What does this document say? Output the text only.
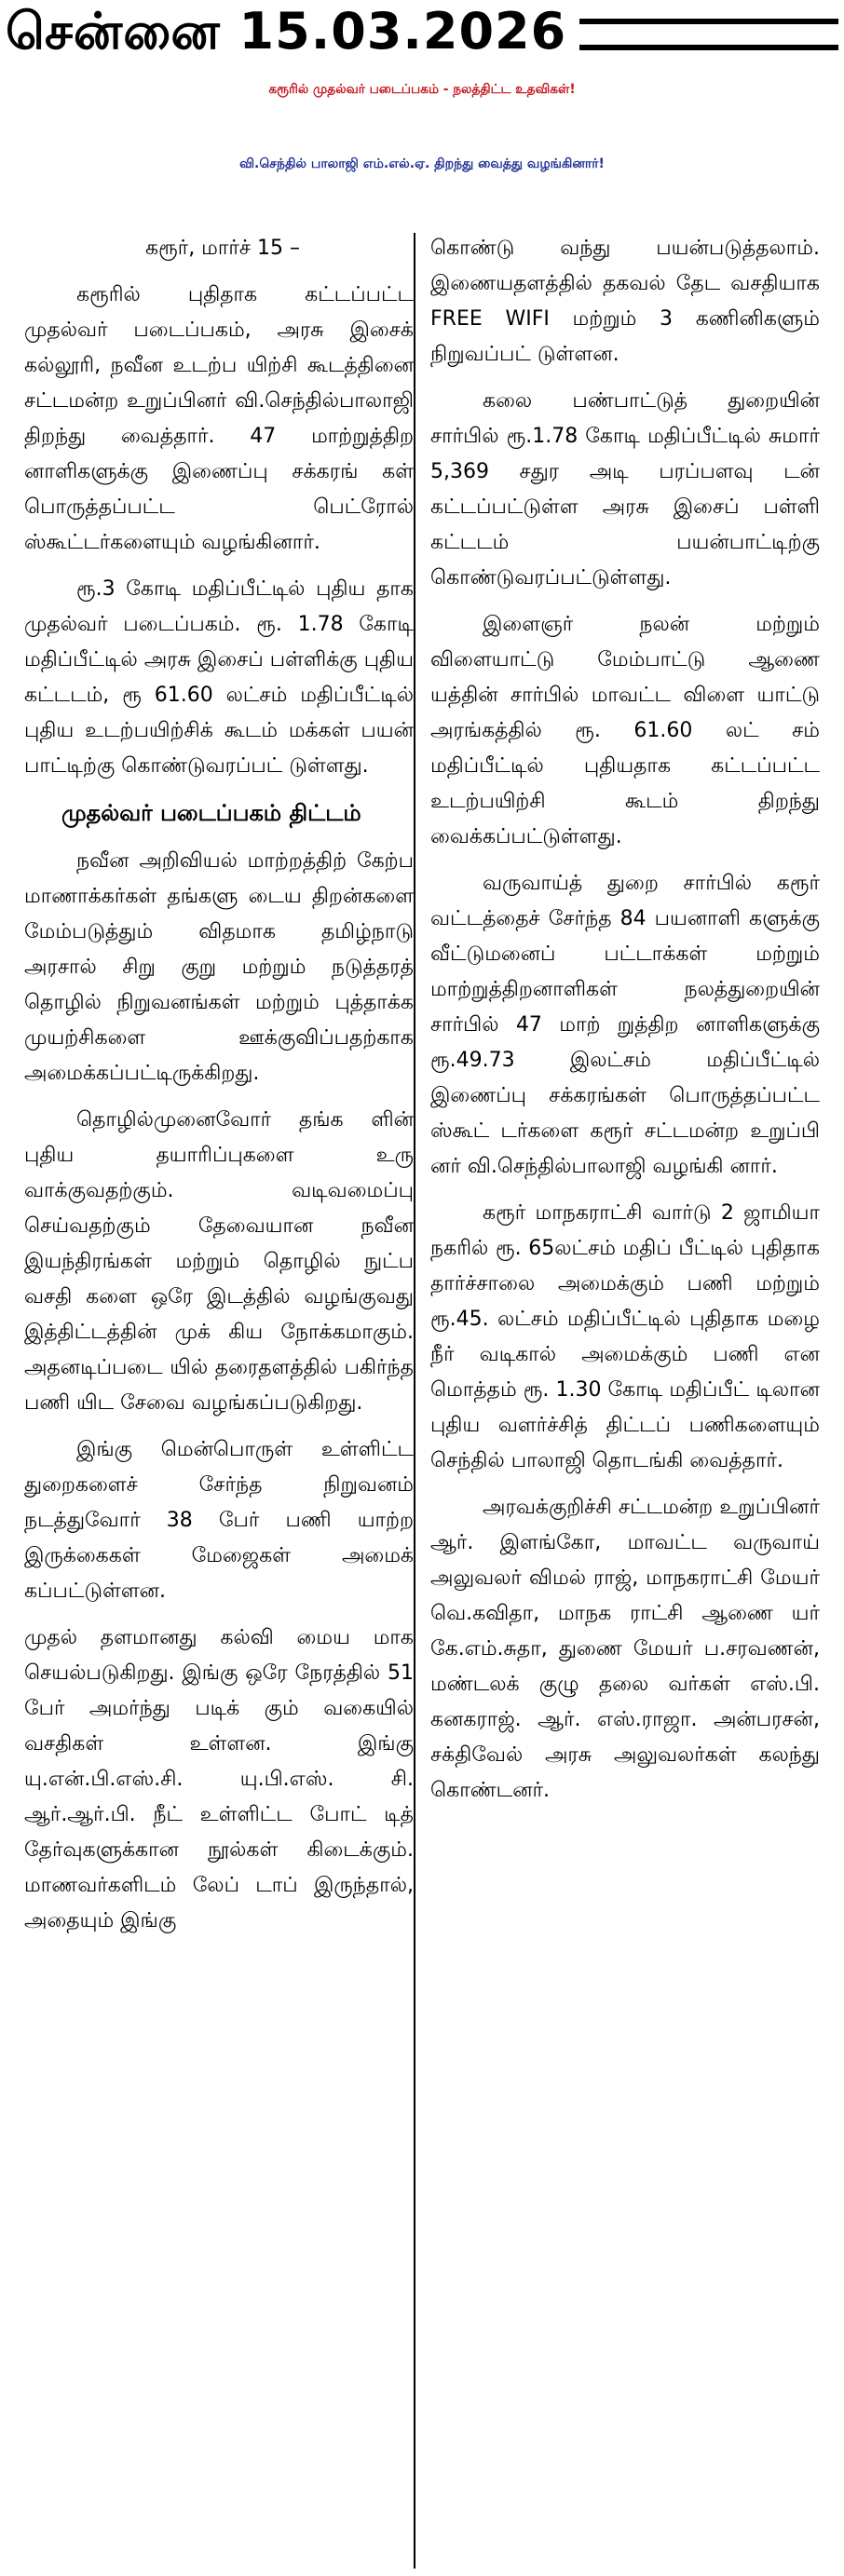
சென்னை 15.03.2026
கரூரில் முதல்வர் படைப்பகம் - நலத்திட்ட உதவிகள்!
வி.செந்தில் பாலாஜி எம்.எல்.ஏ. திறந்து வைத்து வழங்கினார்!

கரூர், மார்ச் 15 –

கரூரில் புதிதாக கட்டப்பட்ட முதல்வர் படைப்பகம், அரசு இசைக் கல்லூரி, நவீன உடற்ப யிற்சி கூடத்தினை சட்டமன்ற உறுப்பினர் வி.செந்தில்பாலாஜி திறந்து வைத்தார். 47 மாற்றுத்திற னாளிகளுக்கு இணைப்பு சக்கரங் கள் பொருத்தப்பட்ட பெட்ரோல் ஸ்கூட்டர்களையும் வழங்கினார்.

ரூ.3 கோடி மதிப்பீட்டில் புதிய தாக முதல்வர் படைப்பகம். ரூ. 1.78 கோடி மதிப்பீட்டில் அரசு இசைப் பள்ளிக்கு புதிய கட்டடம், ரூ 61.60 லட்சம் மதிப்பீட்டில் புதிய உடற்பயிற்சிக் கூடம் மக்கள் பயன் பாட்டிற்கு கொண்டுவரப்பட் டுள்ளது.

முதல்வர் படைப்பகம் திட்டம்

நவீன அறிவியல் மாற்றத்திற் கேற்ப மாணாக்கர்கள் தங்களு டைய திறன்களை மேம்படுத்தும் விதமாக தமிழ்நாடு அரசால் சிறு குறு மற்றும் நடுத்தரத் தொழில் நிறுவனங்கள் மற்றும் புத்தாக்க முயற்சிகளை ஊக்குவிப்பதற்காக அமைக்கப்பட்டிருக்கிறது.

தொழில்முனைவோர் தங்க ளின் புதிய தயாரிப்புகளை உரு வாக்குவதற்கும். வடிவமைப்பு செய்வதற்கும் தேவையான நவீன இயந்திரங்கள் மற்றும் தொழில் நுட்ப வசதி களை ஒரே இடத்தில் வழங்குவது இத்திட்டத்தின் முக் கிய நோக்கமாகும். அதனடிப்படை யில் தரைதளத்தில் பகிர்ந்த பணி யிட சேவை வழங்கப்படுகிறது.

இங்கு மென்பொருள் உள்ளிட்ட துறைகளைச் சேர்ந்த நிறுவனம் நடத்துவோர் 38 பேர் பணி யாற்ற இருக்கைகள் மேஜைகள் அமைக் கப்பட்டுள்ளன.

முதல் தளமானது கல்வி மைய மாக செயல்படுகிறது. இங்கு ஒரே நேரத்தில் 51 பேர் அமர்ந்து படிக் கும் வகையில் வசதிகள் உள்ளன. இங்கு யு.என்.பி.எஸ்.சி. யு.பி.எஸ். சி. ஆர்.ஆர்.பி. நீட் உள்ளிட்ட போட் டித் தேர்வுகளுக்கான நூல்கள் கிடைக்கும். மாணவர்களிடம் லேப் டாப் இருந்தால், அதையும் இங்கு

கொண்டு வந்து பயன்படுத்தலாம். இணையதளத்தில் தகவல் தேட வசதியாக FREE WIFI மற்றும் 3 கணினிகளும் நிறுவப்பட் டுள்ளன.

கலை பண்பாட்டுத் துறையின் சார்பில் ரூ.1.78 கோடி மதிப்பீட்டில் சுமார் 5,369 சதுர அடி பரப்பளவு டன் கட்டப்பட்டுள்ள அரசு இசைப் பள்ளி கட்டடம் பயன்பாட்டிற்கு கொண்டுவரப்பட்டுள்ளது.

இளைஞர் நலன் மற்றும் விளையாட்டு மேம்பாட்டு ஆணை யத்தின் சார்பில் மாவட்ட விளை யாட்டு அரங்கத்தில் ரூ. 61.60 லட் சம் மதிப்பீட்டில் புதியதாக கட்டப்பட்ட உடற்பயிற்சி கூடம் திறந்து வைக்கப்பட்டுள்ளது.

வருவாய்த் துறை சார்பில் கரூர் வட்டத்தைச் சேர்ந்த 84 பயனாளி களுக்கு வீட்டுமனைப் பட்டாக்கள் மற்றும் மாற்றுத்திறனாளிகள் நலத்துறையின் சார்பில் 47 மாற் றுத்திற னாளிகளுக்கு ரூ.49.73 இலட்சம் மதிப்பீட்டில் இணைப்பு சக்கரங்கள் பொருத்தப்பட்ட ஸ்கூட் டர்களை கரூர் சட்டமன்ற உறுப்பி னர் வி.செந்தில்பாலாஜி வழங்கி னார்.

கரூர் மாநகராட்சி வார்டு 2 ஜாமியா நகரில் ரூ. 65லட்சம் மதிப் பீட்டில் புதிதாக தார்ச்சாலை அமைக்கும் பணி மற்றும் ரூ.45. லட்சம் மதிப்பீட்டில் புதிதாக மழை நீர் வடிகால் அமைக்கும் பணி என மொத்தம் ரூ. 1.30 கோடி மதிப்பீட் டிலான புதிய வளர்ச்சித் திட்டப் பணிகளையும் செந்தில் பாலாஜி தொடங்கி வைத்தார்.

அரவக்குறிச்சி சட்டமன்ற உறுப்பினர் ஆர். இளங்கோ, மாவட்ட வருவாய் அலுவலர் விமல் ராஜ், மாநகராட்சி மேயர் வெ.கவிதா, மாநக ராட்சி ஆணை யர் கே.எம்.சுதா, துணை மேயர் ப.சரவணன், மண்டலக் குழு தலை வர்கள் எஸ்.பி. கனகராஜ். ஆர். எஸ்.ராஜா. அன்பரசன், சக்திவேல் அரசு அலுவலர்கள் கலந்து கொண்டனர்.
